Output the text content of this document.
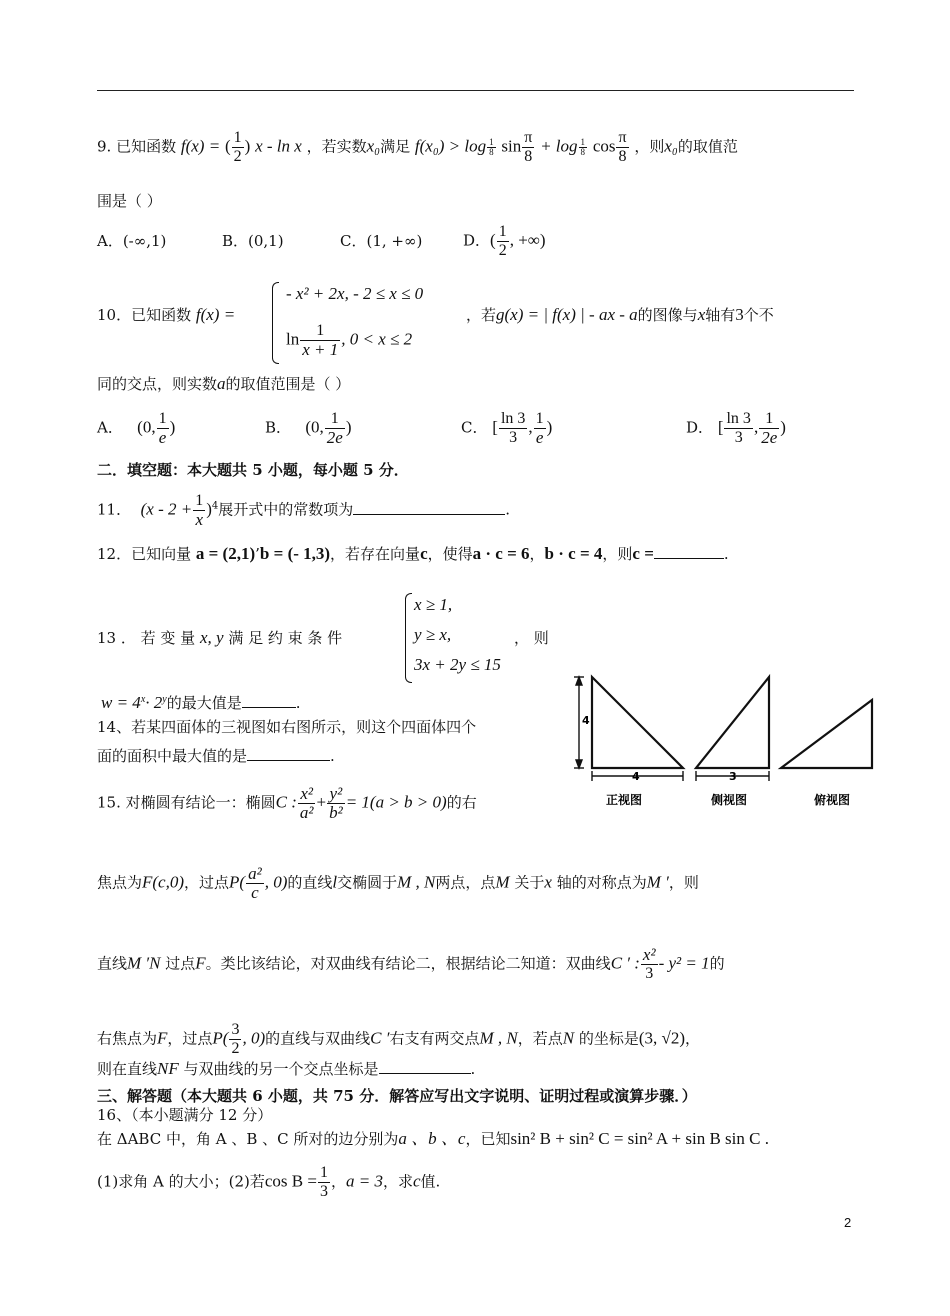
9. 已知函数 f(x) = ( $\frac{1}{2}$ ) x - ln x ，若实数x₀满足 $f(x_0) > \log \frac{1}{8}$ $\sin \frac{\pi}{8} + \log \frac{1}{8}$ $\cos \frac{\pi}{8}$ ，则x₀的取值范
围是（ ）
A．(-∞,1)	B．(0,1)	C．(1, +∞)	D．( $\frac{1}{2}$ , +∞)
10．已知函数 f(x) =
- x² + 2x, - 2 ≤ x ≤ 0
$\ln \frac{1}{x + 1}$ , 0 < x ≤ 2
，若g(x) = | f(x) | - ax - a的图像与x轴有3个不
同的交点，则实数a的取值范围是（ ）
A． (0, $\frac{1}{e}$ )	B． (0, $\frac{1}{2e}$ )	C． [ $\frac{\ln 3}{3}$ , $\frac{1}{e}$ )	D． [ $\frac{\ln 3}{3}$ , $\frac{1}{2e}$ )
二．填空题：本大题共 5 小题，每小题 5 分．
11． $(x - 2 + \frac{1}{x} )^4$展开式中的常数项为	.
12．已知向量 a = (2,1)’b = (- 1,3)，若存在向量c，使得a · c = 6，b · c = 4，则c =	.
13 ． 若 变 量 x, y 满 足 约 束 条 件
x ≥ 1,
y ≥ x,
3x + 2y ≤ 15
， 则
$w = 4^x\cdot 2^y$的最大值是	.
14、若某四面体的三视图如右图所示，则这个四面体四个
面的面积中最大值的是	.
4
4	3
正视图	侧视图	俯视图
15. 对椭圆有结论一：椭圆C : $\frac{\text{x²}}{\text{a²}} + \frac{\text{y²}}{\text{b²}} = 1(a > b > 0)$的右
焦点为F(c,0)，过点$P( \frac{\text{a²}}{c}$ , 0)的直线l交椭圆于M , N两点，点M 关于x 轴的对称点为M ′，则
直线M ′N 过点F。类比该结论，对双曲线有结论二，根据结论二知道：双曲线C ′ : $\frac{\text{x²}}{3} - y^2 = 1$的
右焦点为F，过点$P( \frac{3}{2}$ , 0)的直线与双曲线C ′右支有两交点M , N，若点N 的坐标是(3, √2)，
则在直线NF 与双曲线的另一个交点坐标是	.
三、解答题（本大题共 6 小题，共 75 分．解答应写出文字说明、证明过程或演算步骤．）
16、（本小题满分 12 分）
在 ΔABC 中，角 A 、B 、C 所对的边分别为a 、b 、c，已知sin² B + sin² C = sin² A + sin B sin C .
(1)求角 A 的大小；(2)若$\cos B = \frac{1}{3}$ ，a = 3，求c值.
2
